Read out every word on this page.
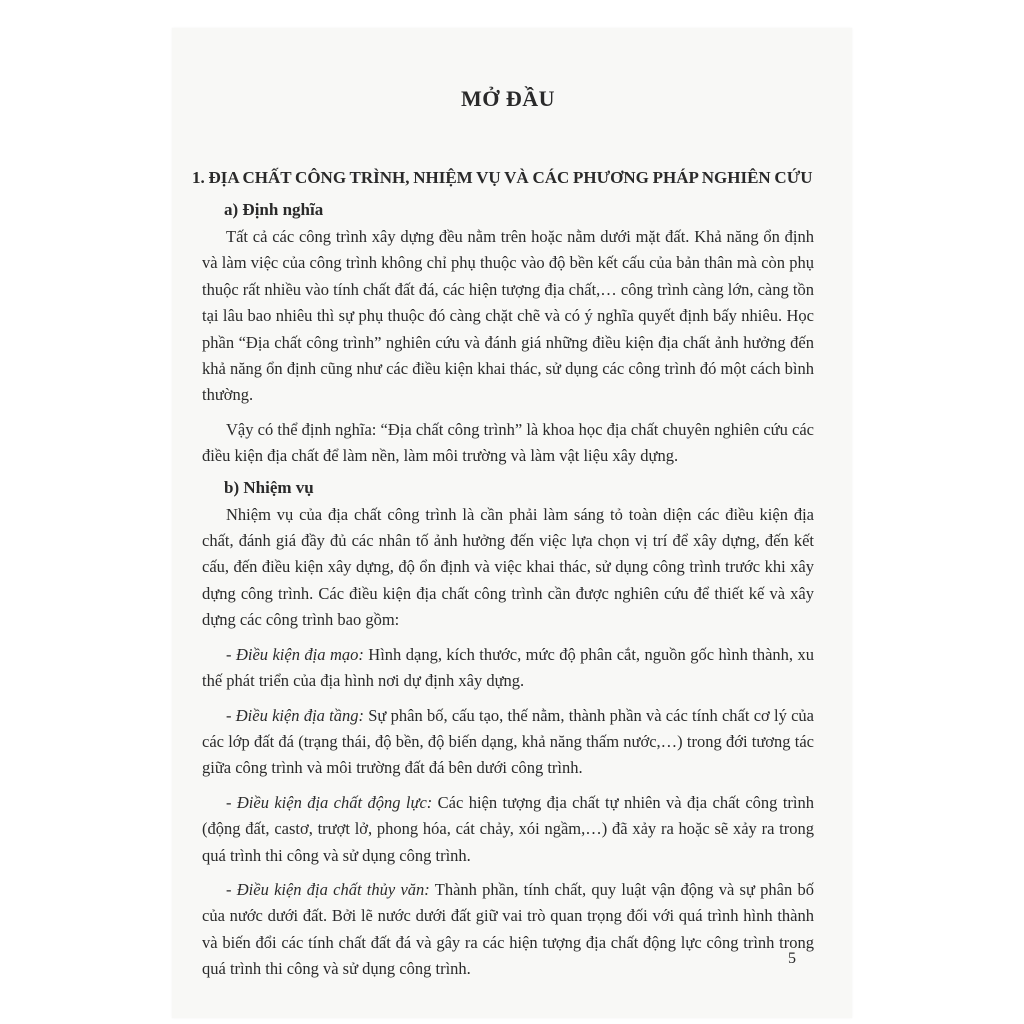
MỞ ĐẦU
1. ĐỊA CHẤT CÔNG TRÌNH, NHIỆM VỤ VÀ CÁC PHƯƠNG PHÁP NGHIÊN CỨU
a) Định nghĩa

Tất cả các công trình xây dựng đều nằm trên hoặc nằm dưới mặt đất. Khả năng ổn định và làm việc của công trình không chỉ phụ thuộc vào độ bền kết cấu của bản thân mà còn phụ thuộc rất nhiều vào tính chất đất đá, các hiện tượng địa chất,… công trình càng lớn, càng tồn tại lâu bao nhiêu thì sự phụ thuộc đó càng chặt chẽ và có ý nghĩa quyết định bấy nhiêu. Học phần “Địa chất công trình” nghiên cứu và đánh giá những điều kiện địa chất ảnh hưởng đến khả năng ổn định cũng như các điều kiện khai thác, sử dụng các công trình đó một cách bình thường.

Vậy có thể định nghĩa: “Địa chất công trình” là khoa học địa chất chuyên nghiên cứu các điều kiện địa chất để làm nền, làm môi trường và làm vật liệu xây dựng.

b) Nhiệm vụ

Nhiệm vụ của địa chất công trình là cần phải làm sáng tỏ toàn diện các điều kiện địa chất, đánh giá đầy đủ các nhân tố ảnh hưởng đến việc lựa chọn vị trí để xây dựng, đến kết cấu, đến điều kiện xây dựng, độ ổn định và việc khai thác, sử dụng công trình trước khi xây dựng công trình. Các điều kiện địa chất công trình cần được nghiên cứu để thiết kế và xây dựng các công trình bao gồm:

- Điều kiện địa mạo: Hình dạng, kích thước, mức độ phân cắt, nguồn gốc hình thành, xu thế phát triển của địa hình nơi dự định xây dựng.

- Điều kiện địa tầng: Sự phân bố, cấu tạo, thế nằm, thành phần và các tính chất cơ lý của các lớp đất đá (trạng thái, độ bền, độ biến dạng, khả năng thấm nước,…) trong đới tương tác giữa công trình và môi trường đất đá bên dưới công trình.

- Điều kiện địa chất động lực: Các hiện tượng địa chất tự nhiên và địa chất công trình (động đất, castơ, trượt lở, phong hóa, cát chảy, xói ngầm,…) đã xảy ra hoặc sẽ xảy ra trong quá trình thi công và sử dụng công trình.

- Điều kiện địa chất thủy văn: Thành phần, tính chất, quy luật vận động và sự phân bố của nước dưới đất. Bởi lẽ nước dưới đất giữ vai trò quan trọng đối với quá trình hình thành và biến đổi các tính chất đất đá và gây ra các hiện tượng địa chất động lực công trình trong quá trình thi công và sử dụng công trình.

5
